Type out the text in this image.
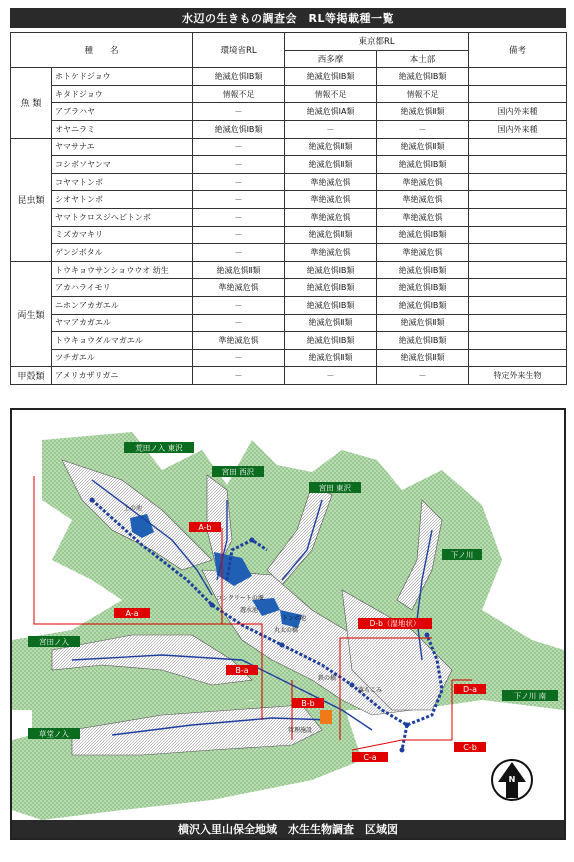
水辺の生きもの調査会　RL等掲載種一覧
種　　名		環境省RL	東京都RL		備考
			西多摩	本土部	
魚 類	ホトケドジョウ	絶滅危惧ⅠB類	絶滅危惧ⅠB類	絶滅危惧ⅠB類	
	キタドジョウ	情報不足	情報不足	情報不足	
	アブラハヤ	－	絶滅危惧ⅠA類	絶滅危惧Ⅱ類	国内外来種
	オヤニラミ	絶滅危惧ⅠB類	－	－	国内外来種
昆虫類	ヤマサナエ	－	絶滅危惧Ⅱ類	絶滅危惧Ⅱ類	
	コシボソヤンマ	－	絶滅危惧Ⅱ類	絶滅危惧ⅠB類	
	コヤマトンボ	－	準絶滅危惧	準絶滅危惧	
	シオヤトンボ	－	準絶滅危惧	準絶滅危惧	
	ヤマトクロスジヘビトンボ	－	準絶滅危惧	準絶滅危惧	
	ミズカマキリ	－	絶滅危惧Ⅱ類	絶滅危惧ⅠB類	
	ゲンジボタル	－	準絶滅危惧	準絶滅危惧	
両生類	トウキョウサンショウウオ 幼生	絶滅危惧Ⅱ類	絶滅危惧ⅠB類	絶滅危惧ⅠB類	
	アカハライモリ	準絶滅危惧	絶滅危惧ⅠB類	絶滅危惧ⅠB類	
	ニホンアカガエル	－	絶滅危惧ⅠB類	絶滅危惧ⅠB類	
	ヤマアカガエル	－	絶滅危惧Ⅱ類	絶滅危惧Ⅱ類	
	トウキョウダルマガエル	準絶滅危惧	絶滅危惧ⅠB類	絶滅危惧ⅠB類	
	ツチガエル	－	絶滅危惧Ⅱ類	絶滅危惧Ⅱ類	
甲殻類	アメリカザリガニ	－	－	－	特定外来生物
A-b
A-a
B-a
B-b
C-a
C-b
D-a
D-b（湿地状）
荒田ノ入 東沢
宮田 西沢
宮田 東沢
下ノ川
宮田ノ入
下ノ川 南
草堂ノ入
上の池
コンクリートの堰
遊水池
トンボ池
丸太の橋
鉄の橋
落ちこみ
管理施設
N
横沢入里山保全地域　水生生物調査　区域図
